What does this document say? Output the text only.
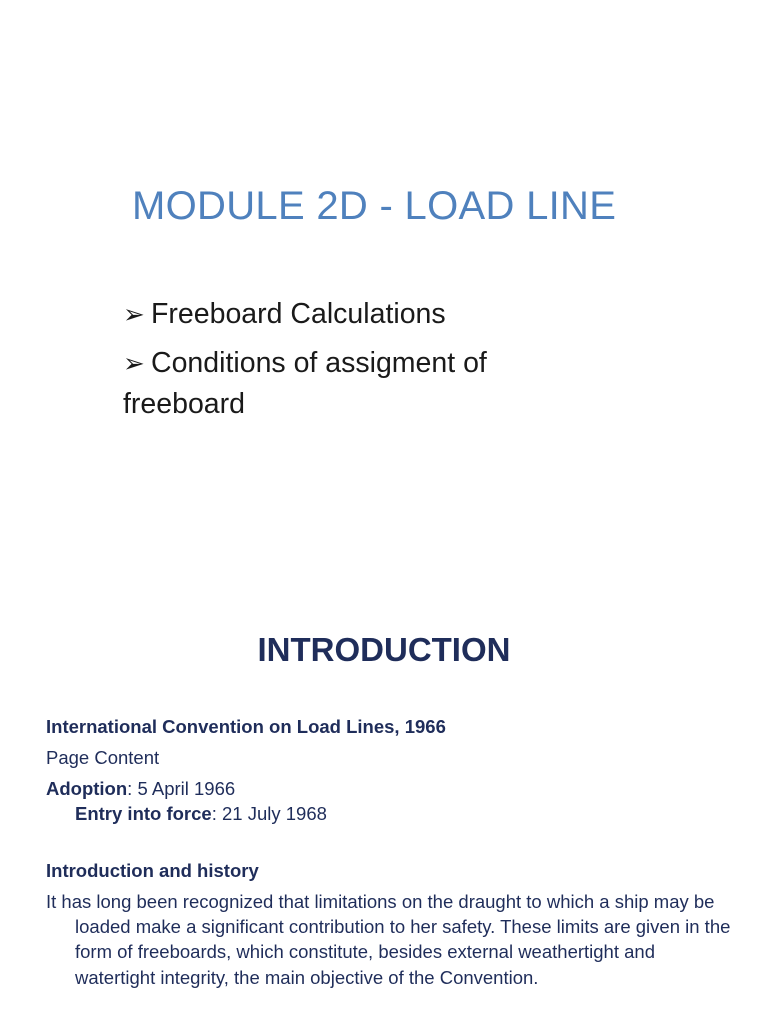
MODULE 2D - LOAD LINE
➢ Freeboard Calculations
➢ Conditions of assigment of freeboard
INTRODUCTION
International Convention on Load Lines, 1966
Page Content
Adoption: 5 April 1966
Entry into force: 21 July 1968
Introduction and history
It has long been recognized that limitations on the draught to which a ship may be loaded make a significant contribution to her safety. These limits are given in the form of freeboards, which constitute, besides external weathertight and watertight integrity, the main objective of the Convention.
